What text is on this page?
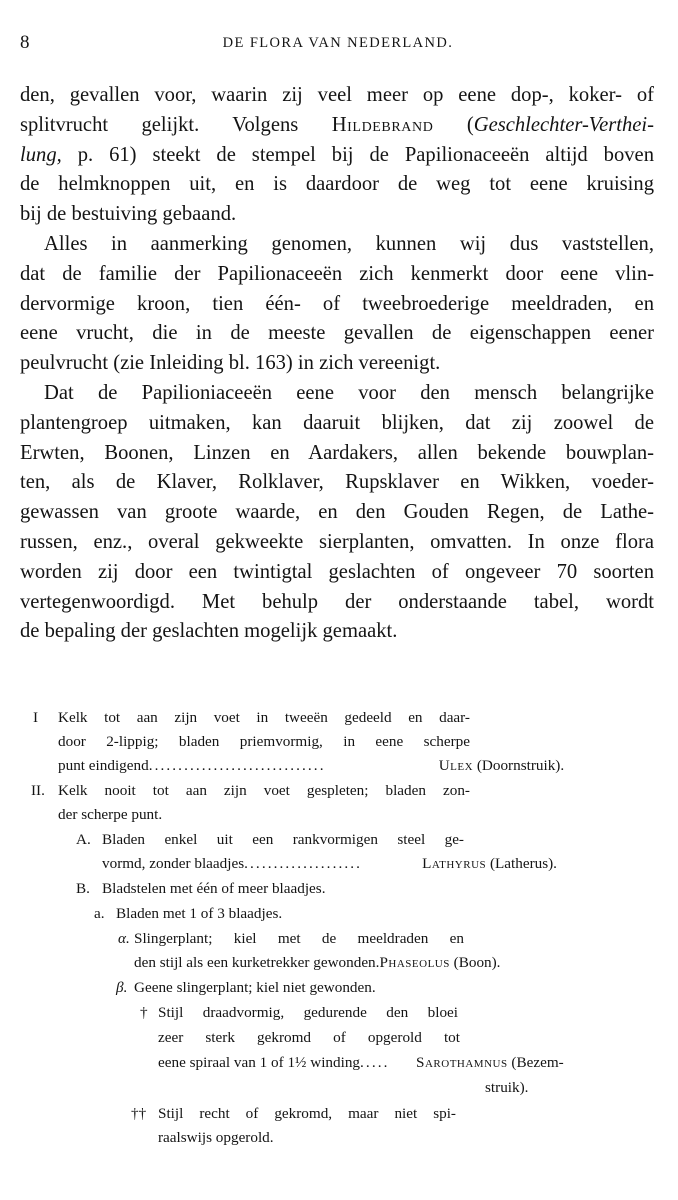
8	DE FLORA VAN NEDERLAND.

den, gevallen voor, waarin zij veel meer op eene dop-, koker- of
splitvrucht gelijkt. Volgens Hildebrand (Geschlechter-Verthei-
lung, p. 61) steekt de stempel bij de Papilionaceeën altijd boven
de helmknoppen uit, en is daardoor de weg tot eene kruising
bij de bestuiving gebaand.

Alles in aanmerking genomen, kunnen wij dus vaststellen,
dat de familie der Papilionaceeën zich kenmerkt door eene vlin-
dervormige kroon, tien één- of tweebroederige meeldraden, en
eene vrucht, die in de meeste gevallen de eigenschappen eener
peulvrucht (zie Inleiding bl. 163) in zich vereenigt.

Dat de Papilioniaceeën eene voor den mensch belangrijke
plantengroep uitmaken, kan daaruit blijken, dat zij zoowel de
Erwten, Boonen, Linzen en Aardakers, allen bekende bouwplan-
ten, als de Klaver, Rolklaver, Rupsklaver en Wikken, voeder-
gewassen van groote waarde, en den Gouden Regen, de Lathe-
russen, enz., overal gekweekte sierplanten, omvatten. In onze flora
worden zij door een twintigtal geslachten of ongeveer 70 soorten
vertegenwoordigd. Met behulp der onderstaande tabel, wordt
de bepaling der geslachten mogelijk gemaakt.

I Kelk tot aan zijn voet in tweeën gedeeld en daar-
door 2-lippig; bladen priemvormig, in eene scherpe
punt eindigend..............................	Ulex (Doornstruik).
II. Kelk nooit tot aan zijn voet gespleten; bladen zon-
der scherpe punt.
A. Bladen enkel uit een rankvormigen steel ge-
vormd, zonder blaadjes....................	Lathyrus (Latherus).
B. Bladstelen met één of meer blaadjes.
a. Bladen met 1 of 3 blaadjes.
α. Slingerplant; kiel met de meeldraden en
den stijl als een kurketrekker gewonden.Phaseolus (Boon).
β. Geene slingerplant; kiel niet gewonden.
† Stijl draadvormig, gedurende den bloei
zeer sterk gekromd of opgerold tot
eene spiraal van 1 of 1½ winding..... Sarothamnus (Bezem-
struik).
†† Stijl recht of gekromd, maar niet spi-
raalswijs opgerold.
